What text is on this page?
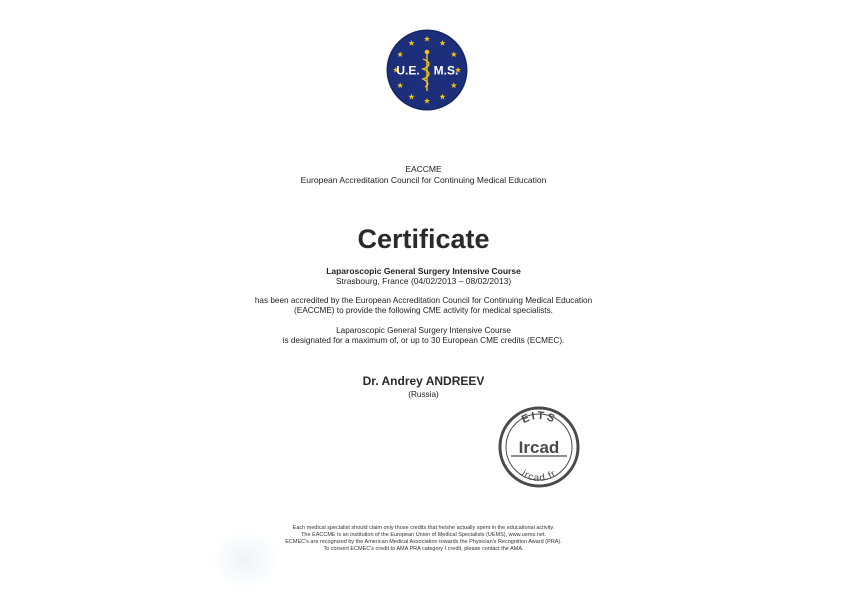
U.E. M.S.
EACCME
European Accreditation Council for Continuing Medical Education
Certificate
Laparoscopic General Surgery Intensive Course
Strasbourg, France (04/02/2013 – 08/02/2013)
has been accredited by the European Accreditation Council for Continuing Medical Education
(EACCME) to provide the following CME activity for medical specialists.
Laparoscopic General Surgery Intensive Course
is designated for a maximum of, or up to 30 European CME credits (ECMEC).
Dr. Andrey ANDREEV
(Russia)
EITS
Ircad
ircad.fr
Each medical specialist should claim only those credits that he/she actually spent in the educational activity.
The EACCME is an institution of the European Union of Medical Specialists (UEMS), www.uems.net.
ECMEC's are recognized by the American Medical Association towards the Physician's Recognition Award (PRA).
To convert ECMEC's credit to AMA PRA category I credit, please contact the AMA.
